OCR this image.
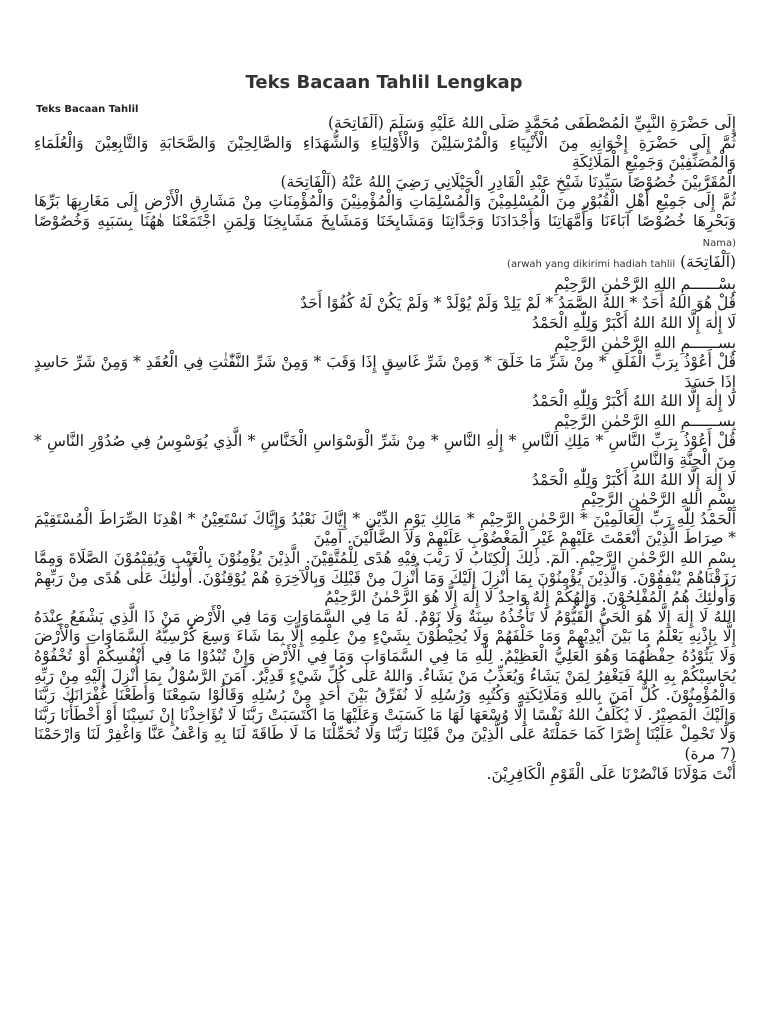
Teks Bacaan Tahlil Lengkap

Teks Bacaan Tahlil

إِلَى حَضْرَةِ النَّبِيِّ الْمُصْطَفَى مُحَمَّدٍ صَلَّى اللهُ عَلَيْهِ وَسَلَّمَ (اَلْفَاتِحَة)
ثُمَّ إِلَى حَضْرَةِ إِخْوَانِهِ مِنَ الْأَنْبِيَاءِ وَالْمُرْسَلِيْنَ وَالْأَوْلِيَاءِ وَالشُّهَدَاءِ وَالصَّالِحِيْنَ وَالصَّحَابَةِ وَالتَّابِعِيْنَ وَالْعُلَمَاءِ وَالْمُصَنِّفِيْنَ وَجَمِيْعِ الْمَلَائِكَةِ
الْمُقَرَّبِيْنَ خُصُوْصًا سَيِّدِنَا شَيْخِ عَبْدِ الْقَادِرِ الْجَيْلَانِي رَضِيَ اللهُ عَنْهُ (اَلْفَاتِحَة)
ثُمَّ إِلَى جَمِيْعِ أَهْلِ الْقُبُوْرِ مِنَ الْمُسْلِمِيْنَ وَالْمُسْلِمَاتِ وَالْمُؤْمِنِيْنَ وَالْمُؤْمِنَاتِ مِنْ مَشَارِقِ الْأَرْضِ إِلَى مَغَارِبِهَا بَرِّهَا وَبَحْرِهَا خُصُوْصًا آبَاءَنَا وَأُمَّهَاتِنَا وَأَجْدَادَنَا وَجَدَّاتِنَا وَمَشَايِخَنَا وَمَشَايِخَ مَشَايِخِنَا وَلِمَنِ اجْتَمَعْنَا هٰهُنَا بِسَبَبِهِ وَخُصُوْصًا Nama)
(اَلْفَاتِحَة) (arwah yang dikirimi hadiah tahlil
بِسْــــــمِ اللهِ الرَّحْمٰنِ الرَّحِيْمِ
قُلْ هُوَ اللهُ أَحَدٌ * اللهُ الصَّمَدُ * لَمْ يَلِدْ وَلَمْ يُوْلَدْ * وَلَمْ يَكُنْ لَهُ كُفُوًا أَحَدٌ
لَا إِلٰهَ إِلَّا اللهُ اللهُ أَكْبَرْ وَلِلّٰهِ الْحَمْدُ
بِســــــمِ اللهِ الرَّحْمٰنِ الرَّحِيْمِ
قُلْ أَعُوْذُ بِرَبِّ الْفَلَقِ * مِنْ شَرِّ مَا خَلَقَ * وَمِنْ شَرِّ غَاسِقٍ إِذَا وَقَبَ * وَمِنْ شَرِّ النَّفّٰثٰتِ فِي الْعُقَدِ * وَمِنْ شَرِّ حَاسِدٍ إِذَا حَسَدَ
لَا إِلٰهَ إِلَّا اللهُ اللهُ أَكْبَرْ وَلِلّٰهِ الْحَمْدُ
بِســــــمِ اللهِ الرَّحْمٰنِ الرَّحِيْمِ
قُلْ أَعُوْذُ بِرَبِّ النَّاسِ * مَلِكِ النَّاسِ * إِلٰهِ النَّاسِ * مِنْ شَرِّ الْوَسْوَاسِ الْخَنَّاسِ * الَّذِي يُوَسْوِسُ فِي صُدُوْرِ النَّاسِ * مِنَ الْجِنَّةِ وَالنَّاسِ
لَا إِلٰهَ إِلَّا اللهُ اللهُ أَكْبَرْ وَلِلّٰهِ الْحَمْدُ
بِسْمِ اللهِ الرَّحْمٰنِ الرَّحِيْمِ
اَلْحَمْدُ لِلّٰهِ رَبِّ الْعَالَمِيْنَ * الرَّحْمٰنِ الرَّحِيْمِ * مَالِكِ يَوْمِ الدِّيْنِ * إِيَّاكَ نَعْبُدُ وَإِيَّاكَ نَسْتَعِيْنُ * اهْدِنَا الصِّرَاطَ الْمُسْتَقِيْمَ * صِرَاطَ الَّذِيْنَ أَنْعَمْتَ عَلَيْهِمْ غَيْرِ الْمَغْضُوْبِ عَلَيْهِمْ وَلَا الضَّالِّيْنَ. آمِيْنَ
بِسْمِ اللهِ الرَّحْمٰنِ الرَّحِيْمِ. الٓمٓ. ذٰلِكَ الْكِتَابُ لَا رَيْبَ فِيْهِ هُدًى لِلْمُتَّقِيْنَ. الَّذِيْنَ يُؤْمِنُوْنَ بِالْغَيْبِ وَيُقِيْمُوْنَ الصَّلَاةَ وَمِمَّا رَزَقْنَاهُمْ يُنْفِقُوْنَ. وَالَّذِيْنَ يُؤْمِنُوْنَ بِمَا أُنْزِلَ إِلَيْكَ وَمَا أُنْزِلَ مِنْ قَبْلِكَ وَبِالْآخِرَةِ هُمْ يُوْقِنُوْنَ. أُولٰئِكَ عَلٰى هُدًى مِنْ رَبِّهِمْ وَأُولٰئِكَ هُمُ الْمُفْلِحُوْنَ. وَإِلٰهُكُمْ إِلٰهٌ وَاحِدٌ لَا إِلٰهَ إِلَّا هُوَ الرَّحْمٰنُ الرَّحِيْمُ
اللهُ لَا إِلٰهَ إِلَّا هُوَ الْحَيُّ الْقَيُّوْمُ لَا تَأْخُذُهُ سِنَةٌ وَلَا نَوْمٌ. لَهُ مَا فِي السَّمَاوَاتِ وَمَا فِي الْأَرْضِ مَنْ ذَا الَّذِي يَشْفَعُ عِنْدَهُ إِلَّا بِإِذْنِهِ يَعْلَمُ مَا بَيْنَ أَيْدِيْهِمْ وَمَا خَلْفَهُمْ وَلَا يُحِيْطُوْنَ بِشَيْءٍ مِنْ عِلْمِهِ إِلَّا بِمَا شَاءَ وَسِعَ كُرْسِيُّهُ السَّمَاوَاتِ وَالْأَرْضَ وَلَا يَئُوْدُهُ حِفْظُهُمَا وَهُوَ الْعَلِيُّ الْعَظِيْمُ. لِلّٰهِ مَا فِي السَّمَاوَاتِ وَمَا فِي الْأَرْضِ وَإِنْ تُبْدُوْا مَا فِي أَنْفُسِكُمْ أَوْ تُخْفُوْهُ يُحَاسِبْكُمْ بِهِ اللهُ فَيَغْفِرُ لِمَنْ يَشَاءُ وَيُعَذِّبُ مَنْ يَشَاءُ. وَاللهُ عَلٰى كُلِّ شَيْءٍ قَدِيْرٌ. آمَنَ الرَّسُوْلُ بِمَا أُنْزِلَ إِلَيْهِ مِنْ رَبِّهِ وَالْمُؤْمِنُوْنَ. كُلٌّ آمَنَ بِاللهِ وَمَلَائِكَتِهِ وَكُتُبِهِ وَرُسُلِهِ لَا نُفَرِّقُ بَيْنَ أَحَدٍ مِنْ رُسُلِهِ وَقَالُوْا سَمِعْنَا وَأَطَعْنَا غُفْرَانَكَ رَبَّنَا وَإِلَيْكَ الْمَصِيْرُ. لَا يُكَلِّفُ اللهُ نَفْسًا إِلَّا وُسْعَهَا لَهَا مَا كَسَبَتْ وَعَلَيْهَا مَا اكْتَسَبَتْ رَبَّنَا لَا تُؤَاخِذْنَا إِنْ نَسِيْنَا أَوْ أَخْطَأْنَا رَبَّنَا وَلَا تَحْمِلْ عَلَيْنَا إِصْرًا كَمَا حَمَلْتَهُ عَلَى الَّذِيْنَ مِنْ قَبْلِنَا رَبَّنَا وَلَا تُحَمِّلْنَا مَا لَا طَاقَةَ لَنَا بِهِ وَاعْفُ عَنَّا وَاغْفِرْ لَنَا وَارْحَمْنَا (7 مرة)
أَنْتَ مَوْلَانَا فَانْصُرْنَا عَلَى الْقَوْمِ الْكَافِرِيْنَ.
